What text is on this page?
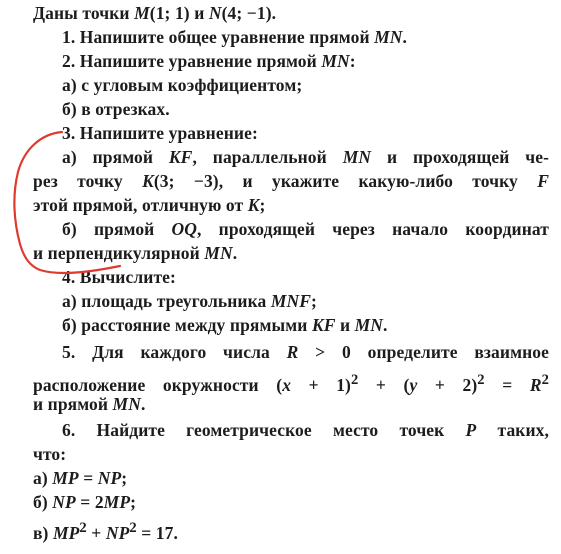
Даны точки M(1; 1) и N(4; −1).
1. Напишите общее уравнение прямой MN.
2. Напишите уравнение прямой MN:
а) с угловым коэффициентом;
б) в отрезках.
3. Напишите уравнение:
а) прямой KF, параллельной MN и проходящей че-
рез точку K(3; −3), и укажите какую-либо точку F
этой прямой, отличную от K;
б) прямой OQ, проходящей через начало координат
и перпендикулярной MN.
4. Вычислите:
а) площадь треугольника MNF;
б) расстояние между прямыми KF и MN.
5. Для каждого числа R > 0 определите взаимное
расположение окружности $(x + 1)^2 + (y + 2)^2 = R^2$
и прямой MN.
6. Найдите геометрическое место точек P таких,
что:
а) MP = NP;
б) NP = 2MP;
в) $MP^2 + NP^2 = 17$.
